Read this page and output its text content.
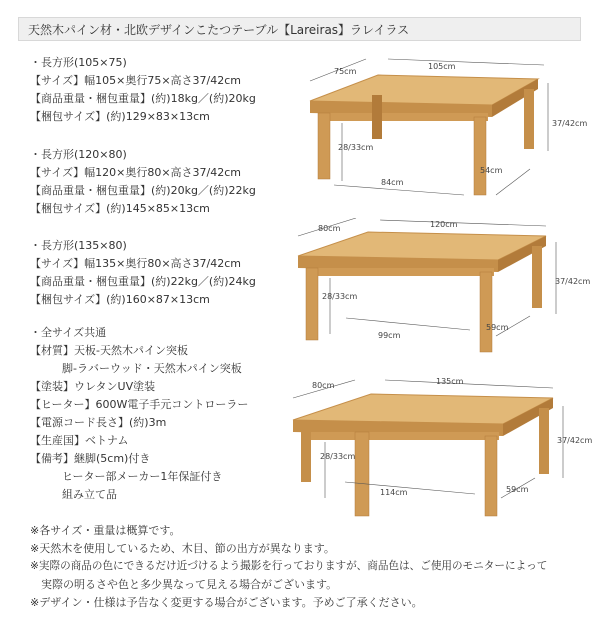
天然木パイン材・北欧デザインこたつテーブル【Lareiras】ラレイラス
・長方形(105×75)
【サイズ】幅105×奥行75×高さ37/42cm
【商品重量・梱包重量】(約)18kg／(約)20kg
【梱包サイズ】(約)129×83×13cm
・長方形(120×80)
【サイズ】幅120×奥行80×高さ37/42cm
【商品重量・梱包重量】(約)20kg／(約)22kg
【梱包サイズ】(約)145×85×13cm
・長方形(135×80)
【サイズ】幅135×奥行80×高さ37/42cm
【商品重量・梱包重量】(約)22kg／(約)24kg
【梱包サイズ】(約)160×87×13cm
・全サイズ共通
【材質】天板-天然木パイン突板
脚-ラバーウッド・天然木パイン突板
【塗装】ウレタンUV塗装
【ヒーター】600W電子手元コントローラー
【電源コード長さ】(約)3m
【生産国】ベトナム
【備考】継脚(5cm)付き
ヒーター部メーカー1年保証付き
組み立て品
※各サイズ・重量は概算です。
※天然木を使用しているため、木目、節の出方が異なります。
※実際の商品の色にできるだけ近づけるよう撮影を行っておりますが、商品色は、ご使用のモニターによって
実際の明るさや色と多少異なって見える場合がございます。
※デザイン・仕様は予告なく変更する場合がございます。予めご了承ください。
75cm
105cm
37/42cm
28/33cm
84cm
54cm
80cm	120cm
37/42cm
28/33cm
99cm
59cm
80cm	135cm
37/42cm
28/33cm
114cm	59cm
